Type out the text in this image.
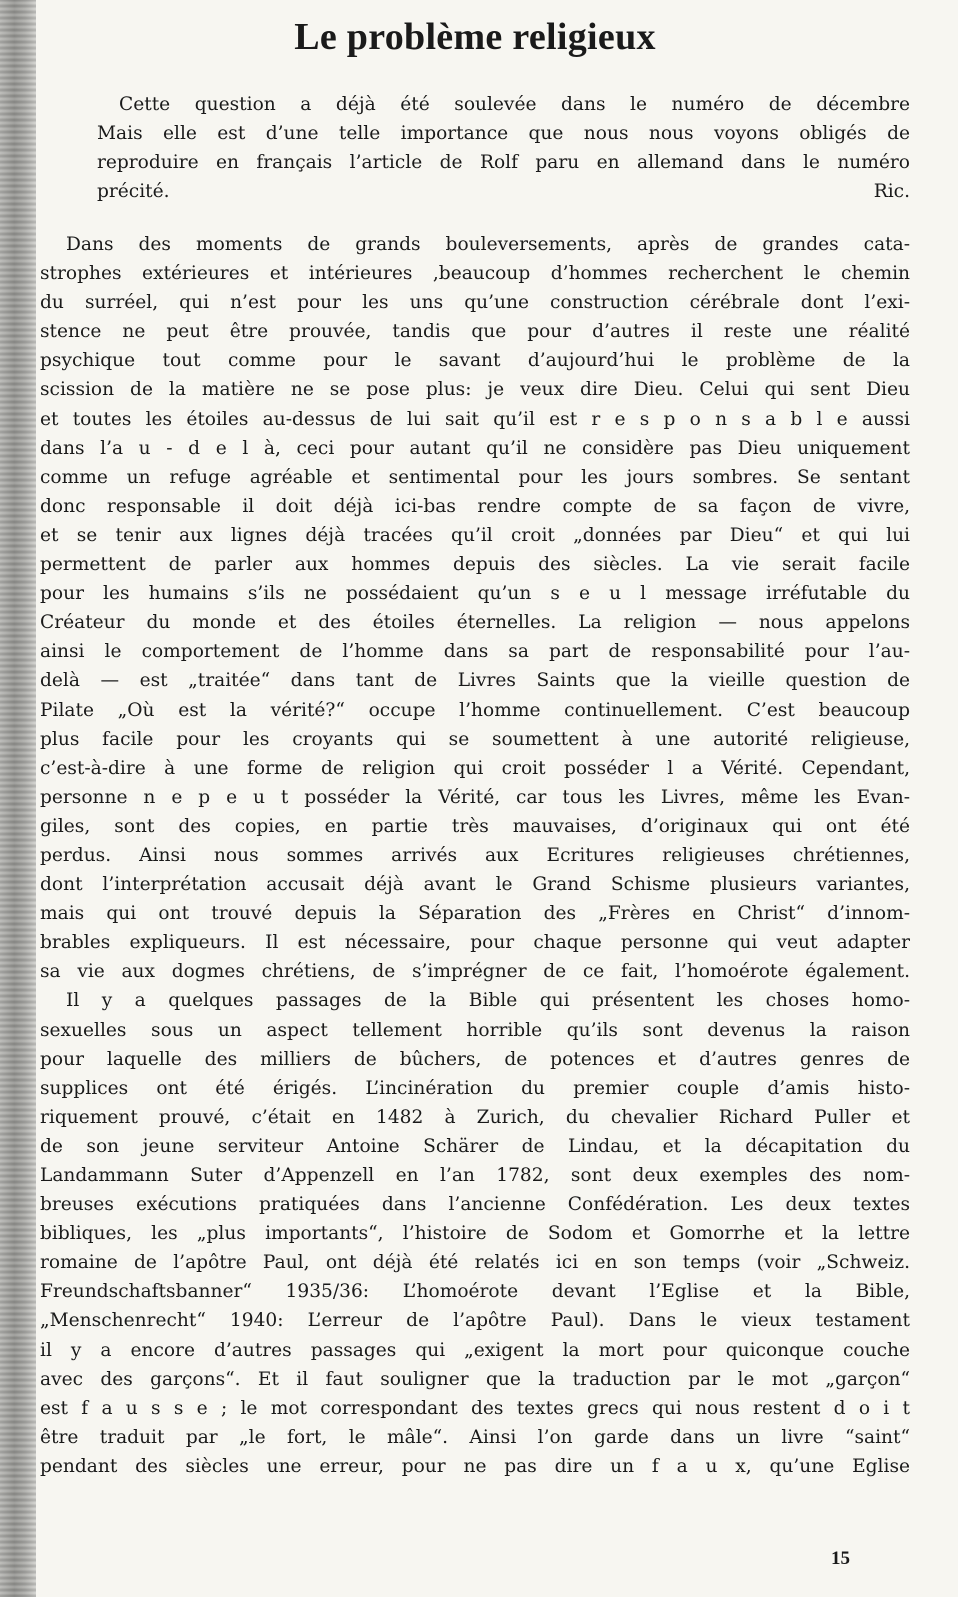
Le problème religieux
Cette question a déjà été soulevée dans le numéro de décembre
Mais elle est d’une telle importance que nous nous voyons obligés de
reproduire en français l’article de Rolf paru en allemand dans le numéro
précité.	Ric.
Dans des moments de grands bouleversements, après de grandes cata-
strophes extérieures et intérieures ,beaucoup d’hommes recherchent le chemin
du surréel, qui n’est pour les uns qu’une construction cérébrale dont l’exi-
stence ne peut être prouvée, tandis que pour d’autres il reste une réalité
psychique tout comme pour le savant d’aujourd’hui le problème de la
scission de la matière ne se pose plus: je veux dire Dieu. Celui qui sent Dieu
et toutes les étoiles au-dessus de lui sait qu’il est r e s p o n s a b l e aussi
dans l’a u - d e l à, ceci pour autant qu’il ne considère pas Dieu uniquement
comme un refuge agréable et sentimental pour les jours sombres. Se sentant
donc responsable il doit déjà ici-bas rendre compte de sa façon de vivre,
et se tenir aux lignes déjà tracées qu’il croit „données par Dieu“ et qui lui
permettent de parler aux hommes depuis des siècles. La vie serait facile
pour les humains s’ils ne possédaient qu’un s e u l message irréfutable du
Créateur du monde et des étoiles éternelles. La religion — nous appelons
ainsi le comportement de l’homme dans sa part de responsabilité pour l’au-
delà — est „traitée“ dans tant de Livres Saints que la vieille question de
Pilate „Où est la vérité?“ occupe l’homme continuellement. C’est beaucoup
plus facile pour les croyants qui se soumettent à une autorité religieuse,
c’est-à-dire à une forme de religion qui croit posséder l a Vérité. Cependant,
personne n e p e u t posséder la Vérité, car tous les Livres, même les Evan-
giles, sont des copies, en partie très mauvaises, d’originaux qui ont été
perdus. Ainsi nous sommes arrivés aux Ecritures religieuses chrétiennes,
dont l’interprétation accusait déjà avant le Grand Schisme plusieurs variantes,
mais qui ont trouvé depuis la Séparation des „Frères en Christ“ d’innom-
brables expliqueurs. Il est nécessaire, pour chaque personne qui veut adapter
sa vie aux dogmes chrétiens, de s’imprégner de ce fait, l’homoérote également.
Il y a quelques passages de la Bible qui présentent les choses homo-
sexuelles sous un aspect tellement horrible qu’ils sont devenus la raison
pour laquelle des milliers de bûchers, de potences et d’autres genres de
supplices ont été érigés. L’incinération du premier couple d’amis histo-
riquement prouvé, c’était en 1482 à Zurich, du chevalier Richard Puller et
de son jeune serviteur Antoine Schärer de Lindau, et la décapitation du
Landammann Suter d’Appenzell en l’an 1782, sont deux exemples des nom-
breuses exécutions pratiquées dans l’ancienne Confédération. Les deux textes
bibliques, les „plus importants“, l’histoire de Sodom et Gomorrhe et la lettre
romaine de l’apôtre Paul, ont déjà été relatés ici en son temps (voir „Schweiz.
Freundschaftsbanner“ 1935/36: L’homoérote devant l’Eglise et la Bible,
„Menschenrecht“ 1940: L’erreur de l’apôtre Paul). Dans le vieux testament
il y a encore d’autres passages qui „exigent la mort pour quiconque couche
avec des garçons“. Et il faut souligner que la traduction par le mot „garçon“
est f a u s s e ; le mot correspondant des textes grecs qui nous restent d o i t
être traduit par „le fort, le mâle“. Ainsi l’on garde dans un livre “saint“
pendant des siècles une erreur, pour ne pas dire un f a u x, qu’une Eglise
15
